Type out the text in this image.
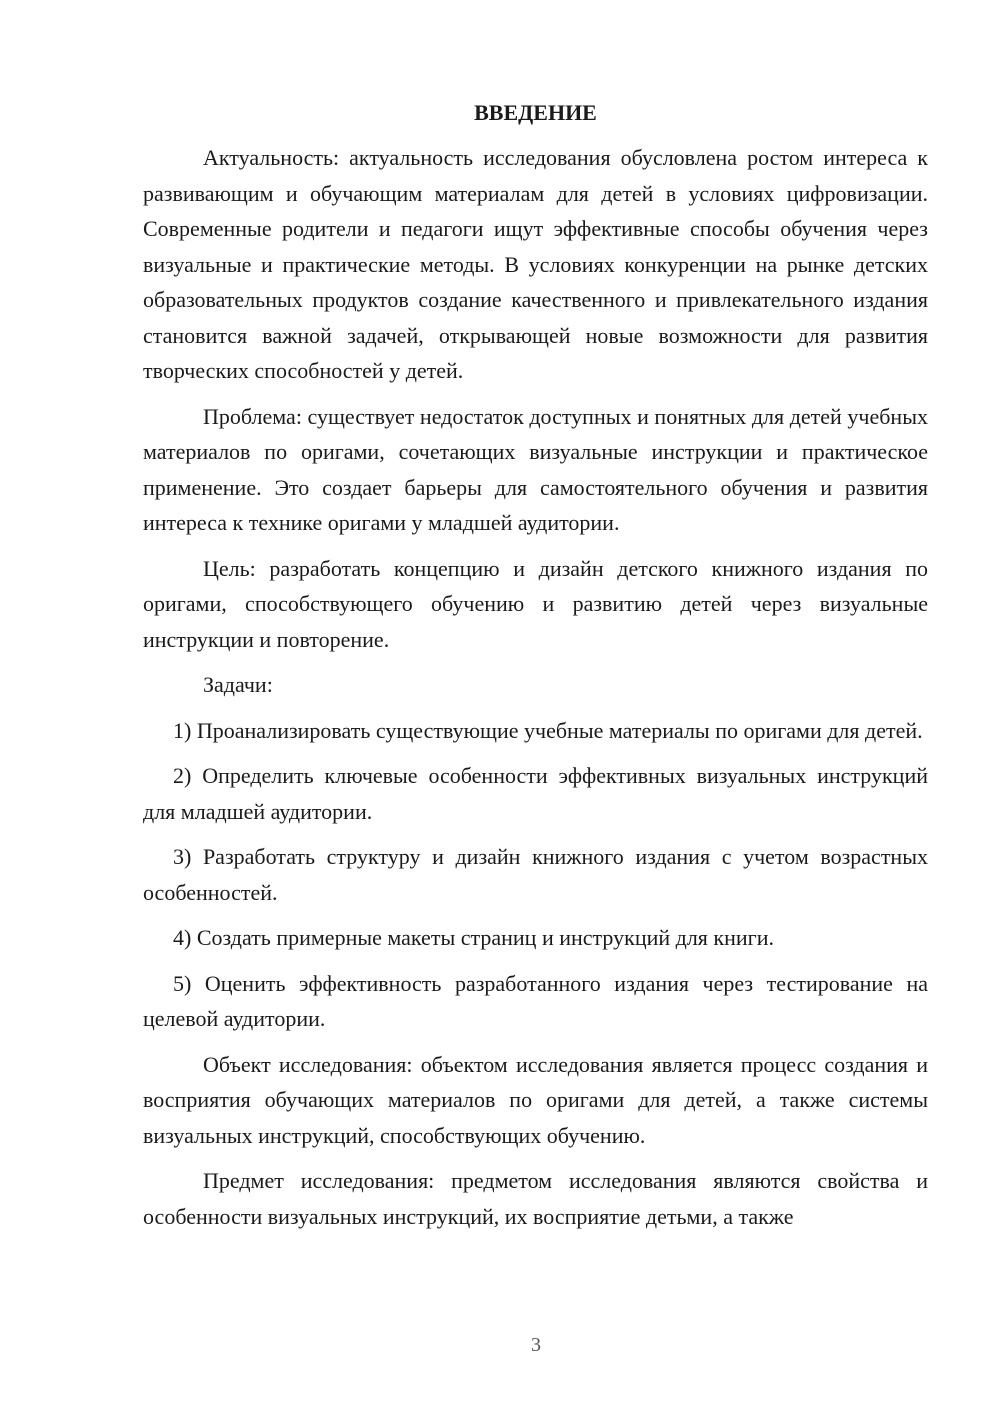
ВВЕДЕНИЕ

Актуальность: актуальность исследования обусловлена ростом интереса к развивающим и обучающим материалам для детей в условиях цифровизации. Современные родители и педагоги ищут эффективные способы обучения через визуальные и практические методы. В условиях конкуренции на рынке детских образовательных продуктов создание качественного и привлекательного издания становится важной задачей, открывающей новые возможности для развития творческих способностей у детей.

Проблема: существует недостаток доступных и понятных для детей учебных материалов по оригами, сочетающих визуальные инструкции и практическое применение. Это создает барьеры для самостоятельного обучения и развития интереса к технике оригами у младшей аудитории.

Цель: разработать концепцию и дизайн детского книжного издания по оригами, способствующего обучению и развитию детей через визуальные инструкции и повторение.

Задачи:

1) Проанализировать существующие учебные материалы по оригами для детей.

2) Определить ключевые особенности эффективных визуальных инструкций для младшей аудитории.

3) Разработать структуру и дизайн книжного издания с учетом возрастных особенностей.

4) Создать примерные макеты страниц и инструкций для книги.

5) Оценить эффективность разработанного издания через тестирование на целевой аудитории.

Объект исследования: объектом исследования является процесс создания и восприятия обучающих материалов по оригами для детей, а также системы визуальных инструкций, способствующих обучению.

Предмет исследования: предметом исследования являются свойства и особенности визуальных инструкций, их восприятие детьми, а также

3
